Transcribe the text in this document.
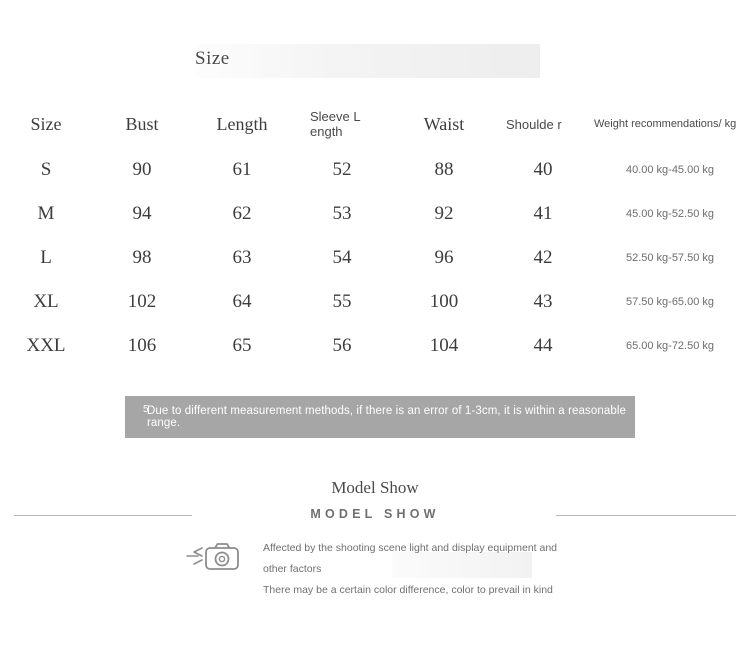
Size
Size	Bust	Length	Sleeve L ength	Waist	Shoulde r	Weight recommendations/ kg
S	90	61	52	88	40	40.00 kg-45.00 kg
M	94	62	53	92	41	45.00 kg-52.50 kg
L	98	63	54	96	42	52.50 kg-57.50 kg
XL	102	64	55	100	43	57.50 kg-65.00 kg
XXL	106	65	56	104	44	65.00 kg-72.50 kg
5
Due to different measurement methods, if there is an error of 1-3cm, it is within a reasonable range.
Model Show
MODEL SHOW
Affected by the shooting scene light and display equipment and other factors
There may be a certain color difference, color to prevail in kind
